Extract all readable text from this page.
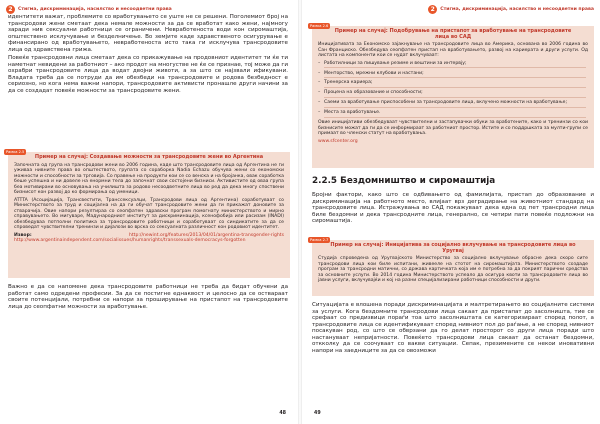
2	Стигма, дискриминација, насилство и несоодветни права

идентитети важат, проблемите со вработувањето се уште не се решени. Поголемиот број на трансродови жени сметаат дека немале можности за да се вработат како жени, најмногу заради нив сексуални работници се ограничени. Невработеноста води кон сиромаштија, општествено исклучување и безделничење. Во земјите каде здравственото осигурување е финансирано од вработувањето, невработеноста исто така ги исклучува трансродовите лица од здравствена грижа.

Повеќе трансродовни лица сметаат дека со прикажување на продовниот идентитет ти ќе ти наметнат невидени за работниот – ако продот на многустве не ќе се признае, тој може да ги охрабри трансродовите лица да водат двојни животи, а за што се најзвали ификувани. Владата треба да се потруди да им обезбеди на трансродовите и родова безбедност е сериозно, но кога нема важни напори, трансродовите активисти пронашле други начини за да се создадат повеќе можности за трансродовите жени.

Рамка 2.5
Пример на случај: Создавање можности за трансродовите жени во Аргентина

Започната од група на трансродови жени во 2006 година, каде што трансродовите лица од Аргентина не ги уживаа нивните права во општеството, групата со сораборка Nadia Echazu обучува жени со економски можности и способности за трговија. Со правење на продукти кои се со венска и на бројанка, овак соработка беше успешна и ни довеле на енормни тела до започнат свои состојени бизниси. Активистите од оваа група беа мотивирани во основувања на училишта за родово несоодветните лица во ред да дека многу споствени бизнисот кон развој до ко формирања од уменици.

ATTTA (Асоцијација, Трансвестити, Транссексуалци, Трансродови лица од Аргентина) соработуваат со Министерството за труд и социјална на да ги обучат трансродовите жени да ги прикажат доновите за стварачија. Овие напори резултираа со сеопфатен здравски програм помогнату министерството и мирно справувањето. Во мигуваре, Мадународниот институт за дискриминација, ксенофобија или расизам (INADI) обезбедуваа потполни политика за трансродовите работници и соработуваат со синдикатите за да се спроведат чувствителни тренинзи и дијалози во врска со сексуалната различност кон родовиот идентитет.

Извор:	http://newint.org/features/2013/04/01/argentina-transgender-rights http://www.argentinaindependent.com/socialissues/humanrights/transsexuals-democracys-forgotten

Важно е да се напомене дека трансродовите работници не треба да бидат обучени да работат само одредени професии. За да се постигне еднаквост и целосно да се оствараат своите потенцијали, потребни се напори за проширување на пристапот на трансродовите лица до сеопфатни можности за вработување.

48
2	Стигма, дискриминација, насилство и несоодветни права
Рамка 2.6
Пример на случај: Подобрување на пристапот за вработување на трансродовите лица во САД

Иницијативата за Економско зајакнување на трансродовите лица во Америка, основана во 2006 година во Сан Франциско. Обезбедува сеопфатен пристап на вработувањето, развој на кариерата и други услуги. Од листата на компоненти кои се нудат вклучуваат:

– Работилници за пишување резиме и вештини за интервју;
– Менторство, мрежни клубови и настани;
– Тренерска кариера;
– Процена на образование и способности;
– Саеми за вработување приспособени за трансродовите лица, вклучено можности на вработување;
– Места за вработување.

Овие иницијативи обезбедуваат чувствителни и застапувачки обуки за вработените, како и тренинзи со кои бизнисите можат да ги да се информираат за работниот простор. Истите и со поддршката за мулти-групи се примаат во членски статут на вработувања.

www.sfcenter.org

2.2.5 Бездомништво и сиромаштија

Бројни фактори, како што се одбивањето од фамилијата, пристап до образование и дискриминација на работното место, влијаат врз деградирање на животниот стандард на трансродовите лица. Истражувања во САД покажуваат дека една од пет трансродни лица биле бездомни и дека трансродните лица, генерално, се четири пати повеќе подложни на сиромаштија.

Рамка 2.7
Пример на случај: Иницијатива за социјално вклучување на трансродовите лица во Уругвај

Студија спроведена од Уругвајското Министерство за социјално вклучување обрасне дека скоро сите трансродови лица кои биле испитани, живееле на стотот на сиромаштијата. Министерството создаде програм за трансродни матични, со држава картичката која им е потребна за да покрият парични средства за основните услуги. Во 2014 година Министерството успеало да осигура квоти за трансродовите лица во јавни услуги, вклучувајќи и кој на разни специјализирани работници способности и други.

Ситуацијата е влошена поради дискриминацијата и малтретирањето во социјалните системи за услуги. Кога бездомните трансродови лица сакаат да пристапат до засолништа, тие се срефаат со предизвици пораѓи тоа што засолништата се категоризираат според полот, а трансродовите лица се идентификуваат според нивниот пол до раѓање, а не според нивниот посакуван род, со што се обврзани да го делат просторот со други лица поради што настануваат непријатности. Повеќето трансродови лица сакаат да останат бездомни, откколку да се соочуваат со вакви ситуации. Сепак, презимените се некои иновативни напори на заедниците за да се овозможи

49
